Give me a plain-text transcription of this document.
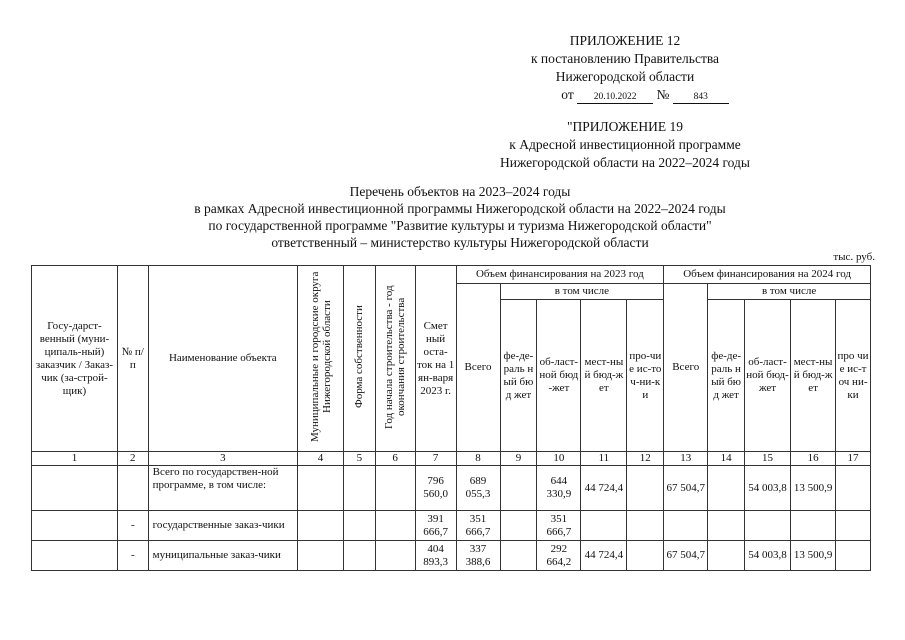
ПРИЛОЖЕНИЕ 12
к постановлению Правительства
Нижегородской области
от 20.10.2022 №	843
"ПРИЛОЖЕНИЕ 19
к Адресной инвестиционной программе
Нижегородской области на 2022–2024 годы
Перечень объектов на 2023–2024 годы
в рамках Адресной инвестиционной программы Нижегородской области на 2022–2024 годы
по государственной программе "Развитие культуры и туризма Нижегородской области"
ответственный – министерство культуры Нижегородской области
тыс. руб.
Госу-дарст-венный (муни-ципаль-ный) заказчик / Заказ-чик (за-строй-щик)	№ п/п	Наименование объекта	Муниципальные и городские округа Нижегородской области	Форма собственности	Год начала строительства - год окончания строительства	Смет ный оста-ток на 1 ян-варя 2023 г.	Объем финансирования на 2023 год					Объем финансирования на 2024 год				
							Всего	в том числе				Всего	в том числе			
								фе-де-раль ный бюд жет	об-ласт-ной бюд-жет	мест-ный бюд-жет	про-чие ис-точ-ни-ки		фе-де-раль ный бюд жет	об-ласт-ной бюд-жет	мест-ный бюд-жет	про чие ис-точ ни-ки
1	2	3	4	5	6	7	8	9	10	11	12	13	14	15	16	17
		Всего по государствен-ной программе, в том числе:				796 560,0	689 055,3		644 330,9	44 724,4		67 504,7		54 003,8	13 500,9	
	-	государственные заказ-чики				391 666,7	351 666,7		351 666,7							
	-	муниципальные заказ-чики				404 893,3	337 388,6		292 664,2	44 724,4		67 504,7		54 003,8	13 500,9	
